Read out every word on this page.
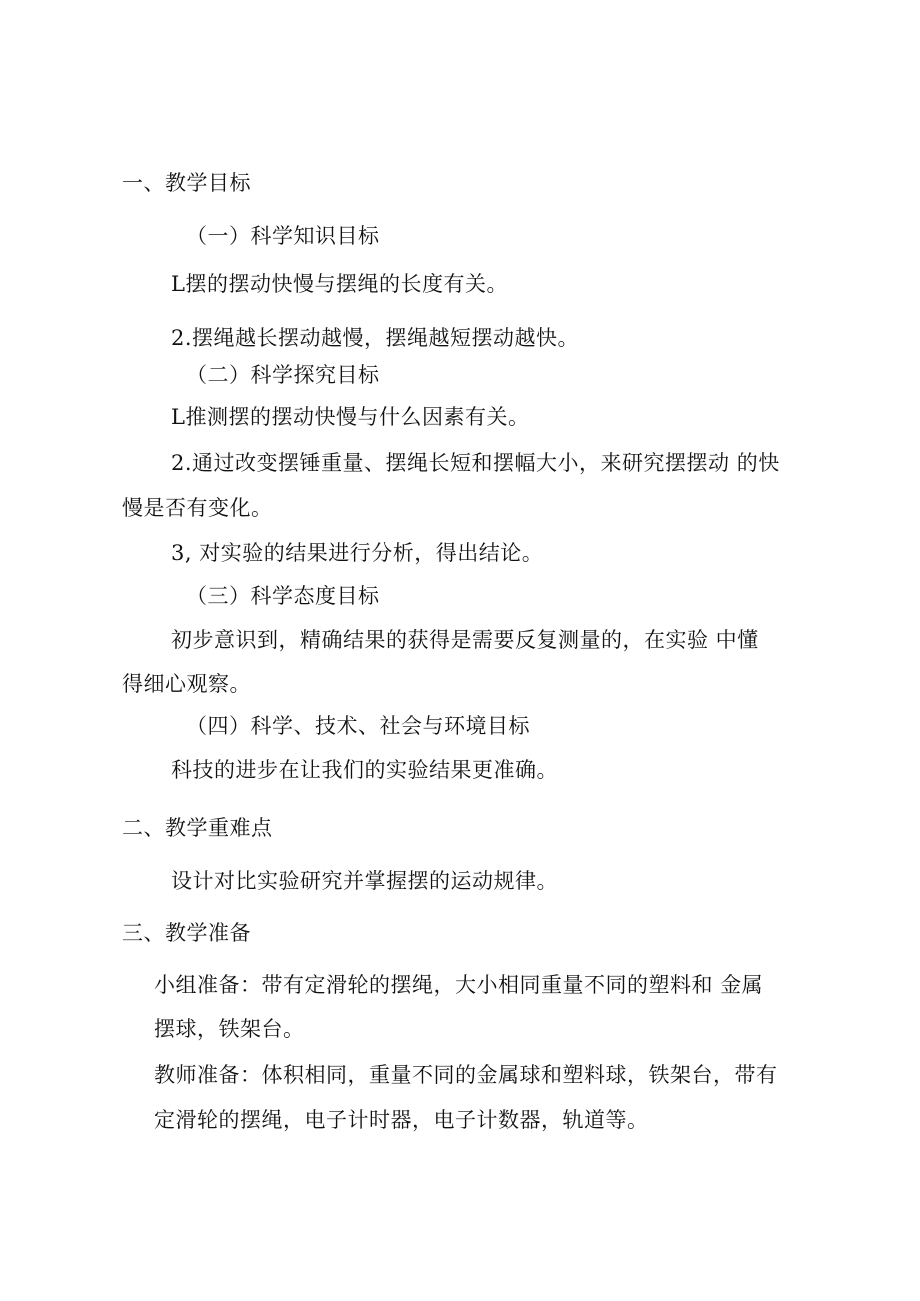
一、教学目标
（一）科学知识目标
L摆的摆动快慢与摆绳的长度有关。
2.摆绳越长摆动越慢，摆绳越短摆动越快。
（二）科学探究目标
L推测摆的摆动快慢与什么因素有关。
2.通过改变摆锤重量、摆绳长短和摆幅大小，来研究摆摆动 的快
慢是否有变化。
3, 对实验的结果进行分析，得出结论。
（三）科学态度目标
初步意识到，精确结果的获得是需要反复测量的，在实验 中懂
得细心观察。
（四）科学、技术、社会与环境目标
科技的进步在让我们的实验结果更准确。
二、教学重难点
设计对比实验研究并掌握摆的运动规律。
三、教学准备
小组准备：带有定滑轮的摆绳，大小相同重量不同的塑料和 金属
摆球，铁架台。
教师准备：体积相同，重量不同的金属球和塑料球，铁架台，带有
定滑轮的摆绳，电子计时器，电子计数器，轨道等。
